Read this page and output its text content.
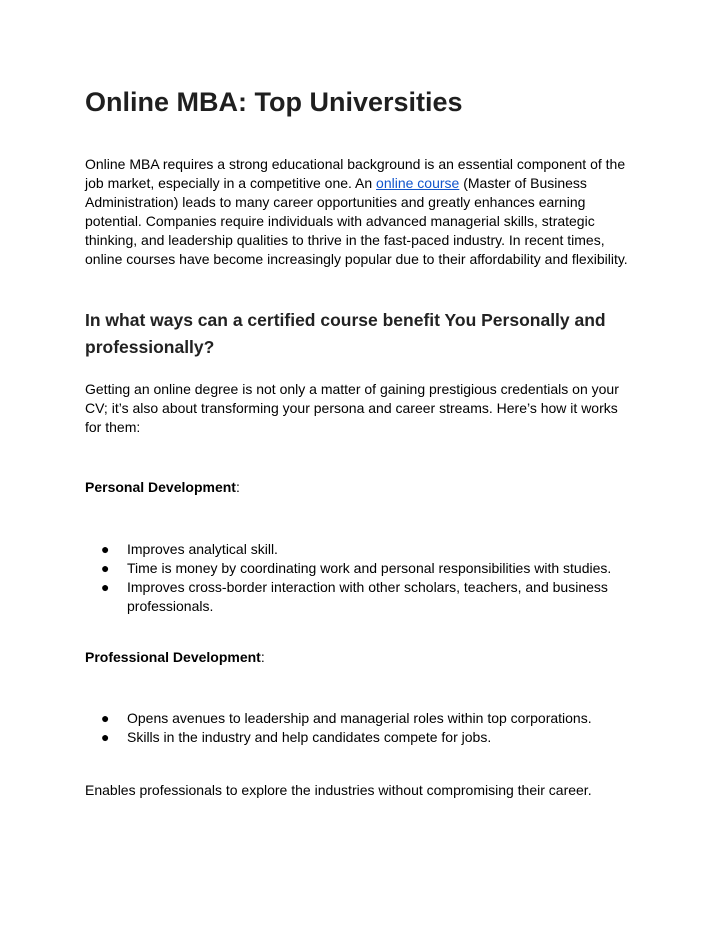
Online MBA: Top Universities

Online MBA requires a strong educational background is an essential component of the job market, especially in a competitive one. An online course (Master of Business Administration) leads to many career opportunities and greatly enhances earning potential. Companies require individuals with advanced managerial skills, strategic thinking, and leadership qualities to thrive in the fast-paced industry. In recent times, online courses have become increasingly popular due to their affordability and flexibility.

In what ways can a certified course benefit You Personally and professionally?

Getting an online degree is not only a matter of gaining prestigious credentials on your CV; it’s also about transforming your persona and career streams. Here’s how it works for them:

Personal Development:

● Improves analytical skill.
● Time is money by coordinating work and personal responsibilities with studies.
● Improves cross-border interaction with other scholars, teachers, and business professionals.

Professional Development:

● Opens avenues to leadership and managerial roles within top corporations.
● Skills in the industry and help candidates compete for jobs.

Enables professionals to explore the industries without compromising their career.
